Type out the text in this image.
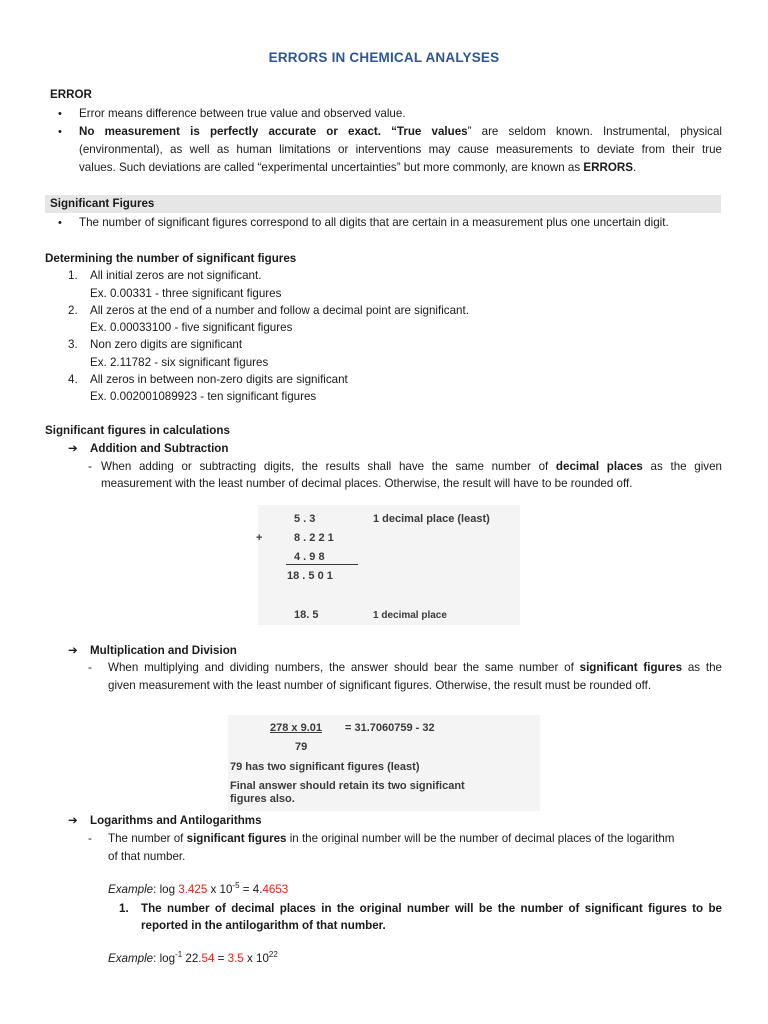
ERRORS IN CHEMICAL ANALYSES
ERROR
• Error means difference between true value and observed value.
• No measurement is perfectly accurate or exact. “True values” are seldom known. Instrumental, physical
(environmental), as well as human limitations or interventions may cause measurements to deviate from their true
values. Such deviations are called “experimental uncertainties” but more commonly, are known as ERRORS.
Significant Figures
• The number of significant figures correspond to all digits that are certain in a measurement plus one uncertain digit.
Determining the number of significant figures
1. All initial zeros are not significant.
Ex. 0.00331 - three significant figures
2. All zeros at the end of a number and follow a decimal point are significant.
Ex. 0.00033100 - five significant figures
3. Non zero digits are significant
Ex. 2.11782 - six significant figures
4. All zeros in between non-zero digits are significant
Ex. 0.002001089923 - ten significant figures
Significant figures in calculations
➔ Addition and Subtraction
- When adding or subtracting digits, the results shall have the same number of decimal places as the given
measurement with the least number of decimal places. Otherwise, the result will have to be rounded off.
5 . 3	1 decimal place (least)
+	8 . 2 2 1
4 . 9 8
18 . 5 0 1
18. 5	1 decimal place
➔ Multiplication and Division
- When multiplying and dividing numbers, the answer should bear the same number of significant figures as the
given measurement with the least number of significant figures. Otherwise, the result must be rounded off.
278 x 9.01 = 31.7060759 - 32
79
79 has two significant figures (least)
Final answer should retain its two significant
figures also.
➔ Logarithms and Antilogarithms
- The number of significant figures in the original number will be the number of decimal places of the logarithm
of that number.
Example: log 3.425 x $10^{-5} = 4.4653$
1. The number of decimal places in the original number will be the number of significant figures to be
reported in the antilogarithm of that number.
Example: $\log^{-1} 22.54 = 3.5$ x $10^{22}$
